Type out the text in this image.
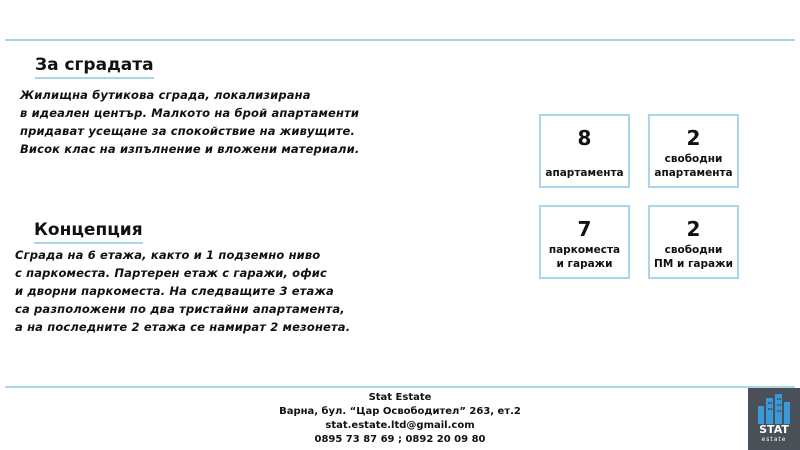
За сградата
Жилищна бутикова сграда, локализирана
в идеален център. Малкото на брой апартаменти
придават усещане за спокойствие на живущите.
Висок клас на изпълнение и вложени материали.
Концепция
Сграда на 6 етажа, както и 1 подземно ниво
с паркоместа. Партерен етаж с гаражи, офис
и дворни паркоместа. На следващите 3 етажа
са разположени по два тристайни апартамента,
а на последните 2 етажа се намират 2 мезонета.
8
апартамента
2
свободни
апартамента
7
паркоместа
и гаражи
2
свободни
ПМ и гаражи
Stat Estate
Варна, бул. “Цар Освободител” 263, ет.2
stat.estate.ltd@gmail.com
0895 73 87 69 ; 0892 20 09 80
STAT
estate
